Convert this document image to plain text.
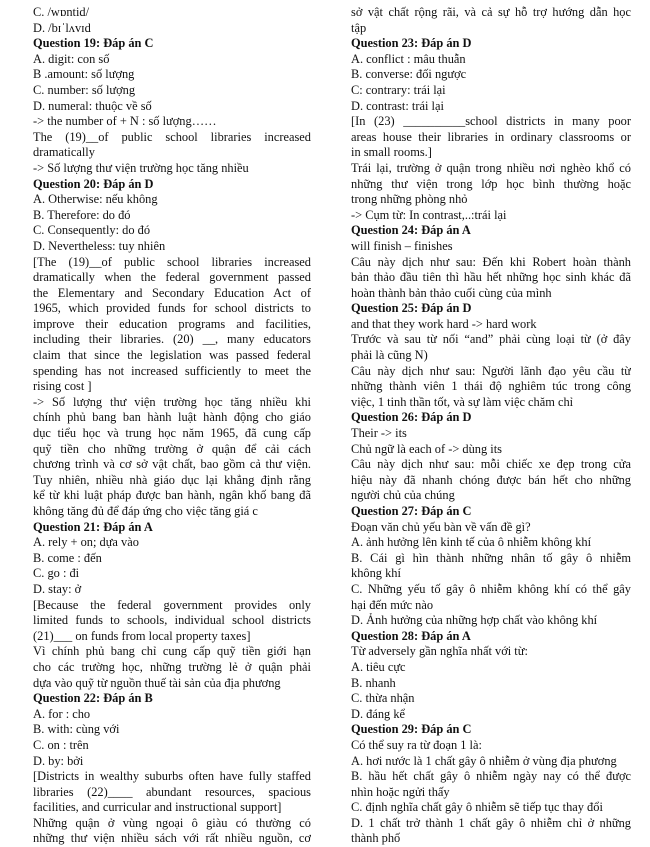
C. /wɒntid/
D. /bɪˈlʌvɪd
Question 19: Đáp án C
A. digit: con số
B .amount: số lượng
C. number: số lượng
D. numeral: thuộc về số
-> the number of + N : số lượng……
The (19)__of public school libraries increased
dramatically
-> Số lượng thư viện trường học tăng nhiều
Question 20: Đáp án D
A. Otherwise: nếu không
B. Therefore: do đó
C. Consequently: do đó
D. Nevertheless: tuy nhiên
[The (19)__of public school libraries increased
dramatically when the federal government passed
the Elementary and Secondary Education Act of
1965, which provided funds for school districts to
improve their education programs and facilities,
including their libraries. (20) __, many educators
claim that since the legislation was passed federal
spending has not increased sufficiently to meet the
rising cost ]
-> Số lượng thư viện trường học tăng nhiều khi
chính phủ bang ban hành luật hành động cho giáo
dục tiểu học và trung học năm 1965, đã cung cấp
quỹ tiền cho những trường ở quận để cải cách
chương trình và cơ sở vật chất, bao gồm cả thư viện.
Tuy nhiên, nhiều nhà giáo dục lại khẳng định rằng
kể từ khi luật pháp được ban hành, ngân khố bang đã
không tăng đủ để đáp ứng cho việc tăng giá c
Question 21: Đáp án A
A. rely + on; dựa vào
B. come : đến
C. go : đi
D. stay: ở
[Because the federal government provides only
limited funds to schools, individual school districts
(21)___ on funds from local property taxes]
Vì chính phủ bang chỉ cung cấp quỹ tiền giới hạn
cho các trường học, những trường lẻ ở quận phải
dựa vào quỹ từ nguồn thuế tài sản của địa phương
Question 22: Đáp án B
A. for : cho
B. with: cùng với
C. on : trên
D. by: bởi
[Districts in wealthy suburbs often have fully staffed
libraries (22)____ abundant resources, spacious
facilities, and curricular and instructional support]
Những quận ở vùng ngoại ô giàu có thường có
những thư viện nhiều sách với rất nhiều nguồn, cơ
sở vật chất rộng rãi, và cả sự hỗ trợ hướng dẫn học
tập
Question 23: Đáp án D
A. conflict : mâu thuẫn
B. converse: đối ngược
C: contrary: trái lại
D. contrast: trái lại
[In (23) __________school districts in many poor
areas house their libraries in ordinary classrooms or
in small rooms.]
Trái lại, trường ở quận trong nhiều nơi nghèo khổ có
những thư viện trong lớp học bình thường hoặc
trong những phòng nhỏ
-> Cụm từ: In contrast,..:trái lại
Question 24: Đáp án A
will finish – finishes
Câu này dịch như sau: Đến khi Robert hoàn thành
bản thảo đầu tiên thì hầu hết những học sinh khác đã
hoàn thành bản thảo cuối cùng của mình
Question 25: Đáp án D
and that they work hard -> hard work
Trước và sau từ nối “and” phải cùng loại từ (ở đây
phải là cũng N)
Câu này dịch như sau: Người lãnh đạo yêu cầu từ
những thành viên 1 thái độ nghiêm túc trong công
việc, 1 tinh thần tốt, và sự làm việc chăm chỉ
Question 26: Đáp án D
Their -> its
Chủ ngữ là each of -> dùng its
Câu này dịch như sau: mỗi chiếc xe đẹp trong cửa
hiệu này đã nhanh chóng được bán hết cho những
người chủ của chúng
Question 27: Đáp án C
Đoạn văn chủ yếu bàn về vấn đề gì?
A. ảnh hưởng lên kinh tế của ô nhiễm không khí
B. Cái gì hìn thành những nhân tố gây ô nhiễm
không khí
C. Những yếu tố gây ô nhiễm không khí có thể gây
hại đến mức nào
D. Ảnh hưởng của những hợp chất vào không khí
Question 28: Đáp án A
Từ adversely gần nghĩa nhất với từ:
A. tiêu cực
B. nhanh
C. thừa nhận
D. đáng kể
Question 29: Đáp án C
Có thể suy ra từ đoạn 1 là:
A. hơi nước là 1 chất gây ô nhiễm ở vùng địa phương
B. hầu hết chất gây ô nhiễm ngày nay có thể được
nhìn hoặc ngửi thấy
C. định nghĩa chất gây ô nhiễm sẽ tiếp tục thay đổi
D. 1 chất trở thành 1 chất gây ô nhiễm chỉ ở những
thành phố
